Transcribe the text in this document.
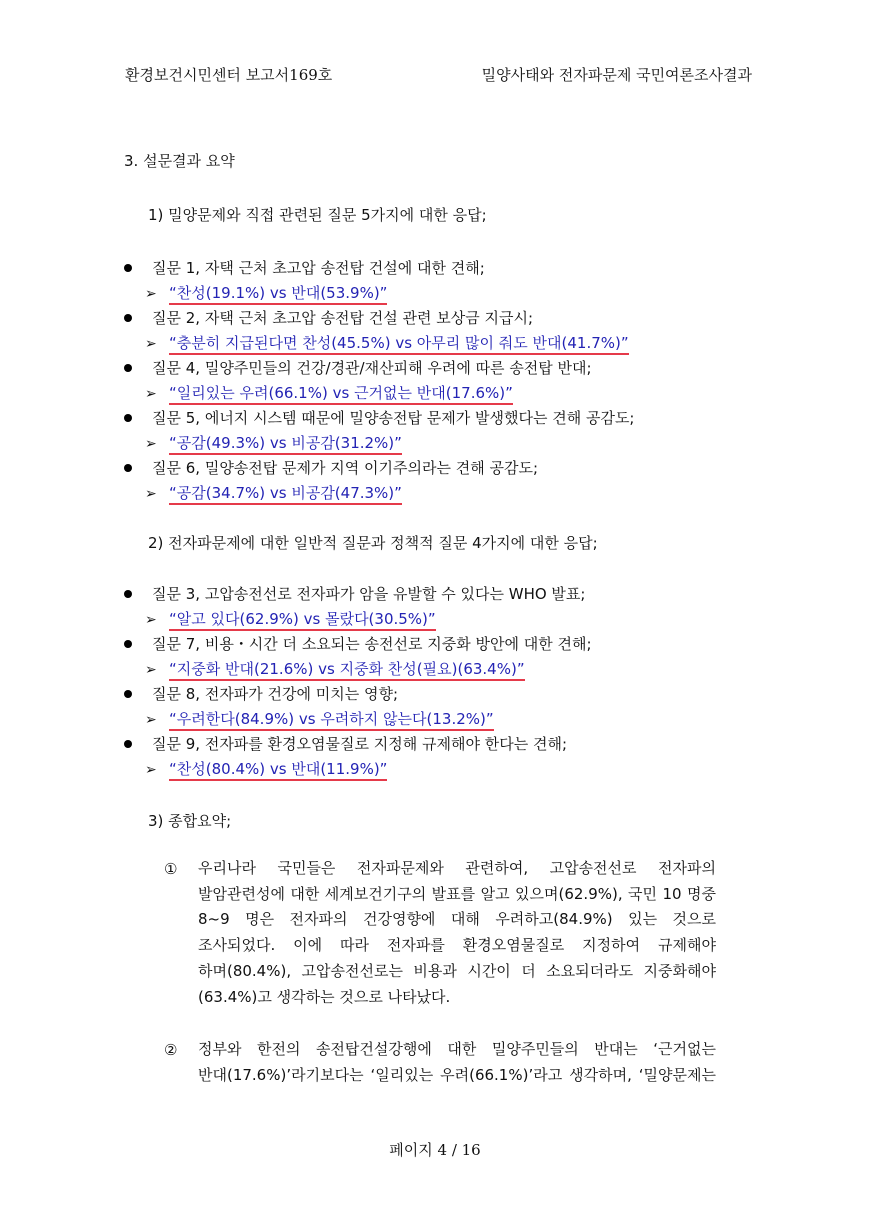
환경보건시민센터 보고서169호	밀양사태와 전자파문제 국민여론조사결과
3. 설문결과 요약
1) 밀양문제와 직접 관련된 질문 5가지에 대한 응답;
질문 1, 자택 근처 초고압 송전탑 건설에 대한 견해;
➢ “찬성(19.1%) vs 반대(53.9%)”
질문 2, 자택 근처 초고압 송전탑 건설 관련 보상금 지급시;
➢ “충분히 지급된다면 찬성(45.5%) vs 아무리 많이 줘도 반대(41.7%)”
질문 4, 밀양주민들의 건강/경관/재산피해 우려에 따른 송전탑 반대;
➢ “일리있는 우려(66.1%) vs 근거없는 반대(17.6%)”
질문 5, 에너지 시스템 때문에 밀양송전탑 문제가 발생했다는 견해 공감도;
➢ “공감(49.3%) vs 비공감(31.2%)”
질문 6, 밀양송전탑 문제가 지역 이기주의라는 견해 공감도;
➢ “공감(34.7%) vs 비공감(47.3%)”
2) 전자파문제에 대한 일반적 질문과 정책적 질문 4가지에 대한 응답;
질문 3, 고압송전선로 전자파가 암을 유발할 수 있다는 WHO 발표;
➢ “알고 있다(62.9%) vs 몰랐다(30.5%)”
질문 7, 비용・시간 더 소요되는 송전선로 지중화 방안에 대한 견해;
➢ “지중화 반대(21.6%) vs 지중화 찬성(필요)(63.4%)”
질문 8, 전자파가 건강에 미치는 영향;
➢ “우려한다(84.9%) vs 우려하지 않는다(13.2%)”
질문 9, 전자파를 환경오염물질로 지정해 규제해야 한다는 견해;
➢ “찬성(80.4%) vs 반대(11.9%)”
3) 종합요약;
① 우리나라 국민들은 전자파문제와 관련하여, 고압송전선로 전자파의
발암관련성에 대한 세계보건기구의 발표를 알고 있으며(62.9%), 국민 10 명중
8~9 명은 전자파의 건강영향에 대해 우려하고(84.9%) 있는 것으로
조사되었다. 이에 따라 전자파를 환경오염물질로 지정하여 규제해야
하며(80.4%), 고압송전선로는 비용과 시간이 더 소요되더라도 지중화해야
(63.4%)고 생각하는 것으로 나타났다.
② 정부와 한전의 송전탑건설강행에 대한 밀양주민들의 반대는 ‘근거없는
반대(17.6%)’라기보다는 ‘일리있는 우려(66.1%)’라고 생각하며, ‘밀양문제는
페이지 4 / 16
